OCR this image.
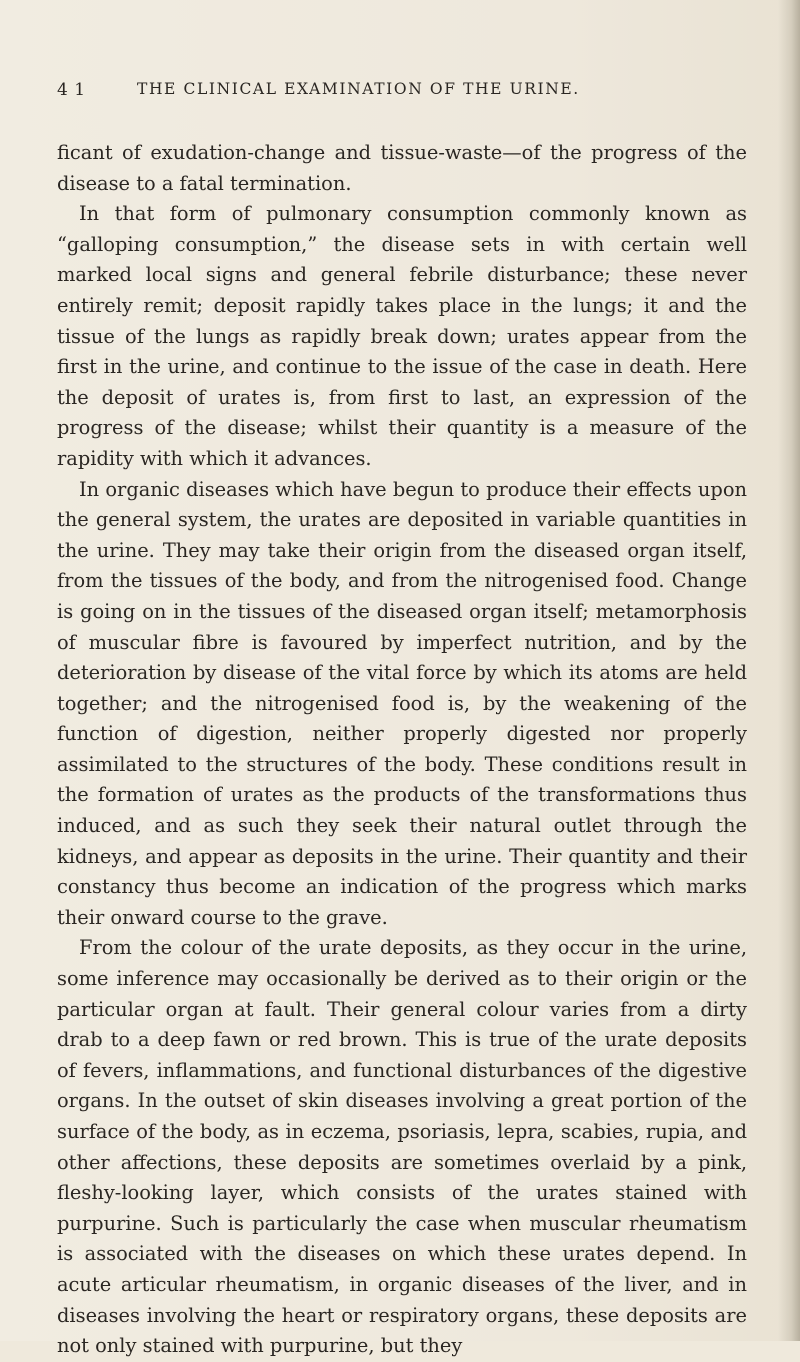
4 1	THE CLINICAL EXAMINATION OF THE URINE.

ficant of exudation-change and tissue-waste—of the progress of the disease to a fatal termination.

In that form of pulmonary consumption commonly known as “galloping consumption,” the disease sets in with certain well marked local signs and general febrile disturbance; these never entirely remit; deposit rapidly takes place in the lungs; it and the tissue of the lungs as rapidly break down; urates appear from the first in the urine, and continue to the issue of the case in death. Here the deposit of urates is, from first to last, an expression of the progress of the disease; whilst their quantity is a measure of the rapidity with which it advances.

In organic diseases which have begun to produce their effects upon the general system, the urates are deposited in variable quantities in the urine. They may take their origin from the diseased organ itself, from the tissues of the body, and from the nitrogenised food. Change is going on in the tissues of the diseased organ itself; metamorphosis of muscular fibre is favoured by imperfect nutrition, and by the deterioration by disease of the vital force by which its atoms are held together; and the nitrogenised food is, by the weakening of the function of digestion, neither properly digested nor properly assimilated to the structures of the body. These conditions result in the formation of urates as the products of the transformations thus induced, and as such they seek their natural outlet through the kidneys, and appear as deposits in the urine. Their quantity and their constancy thus become an indication of the progress which marks their onward course to the grave.

From the colour of the urate deposits, as they occur in the urine, some inference may occasionally be derived as to their origin or the particular organ at fault. Their general colour varies from a dirty drab to a deep fawn or red brown. This is true of the urate deposits of fevers, inflammations, and functional disturbances of the digestive organs. In the outset of skin diseases involving a great portion of the surface of the body, as in eczema, psoriasis, lepra, scabies, rupia, and other affections, these deposits are sometimes overlaid by a pink, fleshy-looking layer, which consists of the urates stained with purpurine. Such is particularly the case when muscular rheumatism is associated with the diseases on which these urates depend. In acute articular rheumatism, in organic diseases of the liver, and in diseases involving the heart or respiratory organs, these deposits are not only stained with purpurine, but they
